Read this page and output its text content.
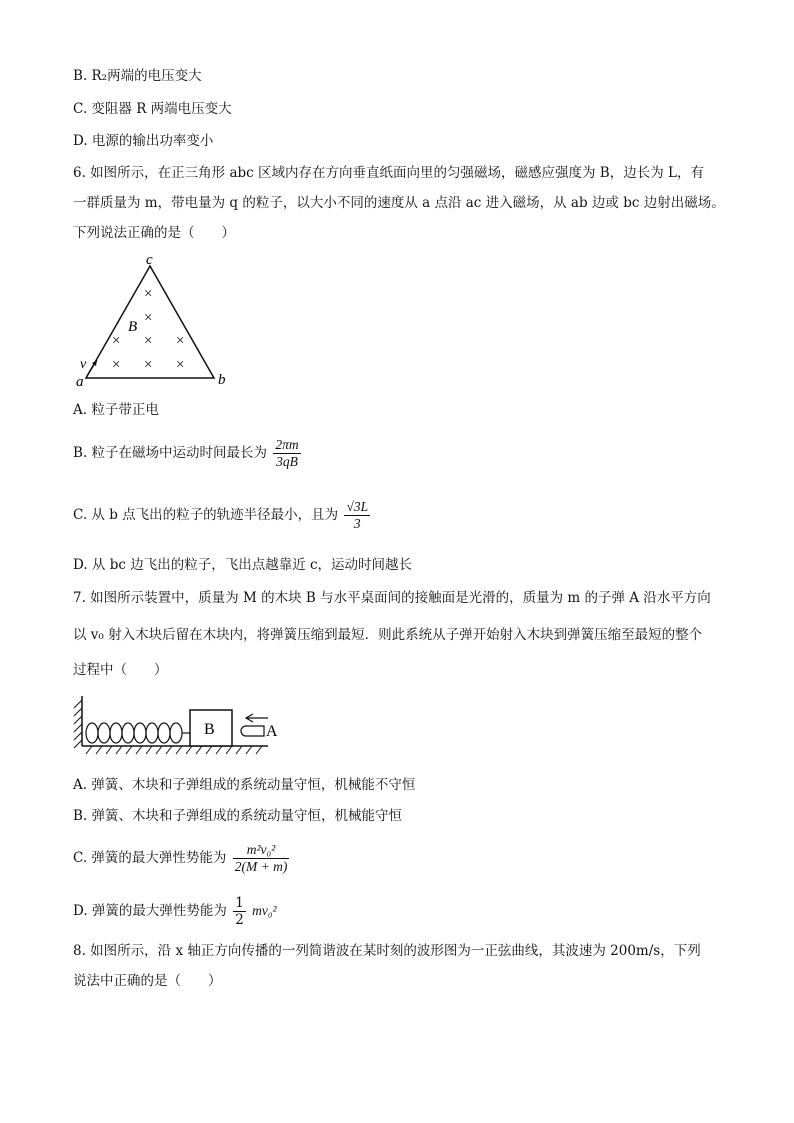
B. R₂两端的电压变大
C. 变阻器 R 两端电压变大
D. 电源的输出功率变小
6. 如图所示，在正三角形 abc 区域内存在方向垂直纸面向里的匀强磁场，磁感应强度为 B，边长为 L，有
一群质量为 m，带电量为 q 的粒子，以大小不同的速度从 a 点沿 ac 进入磁场，从 ab 边或 bc 边射出磁场。
下列说法正确的是（　　）
c
a	b
B
v
×
×
× × ×
× × ×
A. 粒子带正电
B. 粒子在磁场中运动时间最长为 $\frac{2\pi m}{3qB}$
C. 从 b 点飞出的粒子的轨迹半径最小，且为 $\frac{√3L}{3}$
D. 从 bc 边飞出的粒子，飞出点越靠近 c，运动时间越长
7. 如图所示装置中，质量为 M 的木块 B 与水平桌面间的接触面是光滑的，质量为 m 的子弹 A 沿水平方向
以 v₀ 射入木块后留在木块内，将弹簧压缩到最短．则此系统从子弹开始射入木块到弹簧压缩至最短的整个
过程中（　　）
B	A
A. 弹簧、木块和子弹组成的系统动量守恒，机械能不守恒
B. 弹簧、木块和子弹组成的系统动量守恒，机械能守恒
C. 弹簧的最大弹性势能为 $\frac{\text{m²v₀²}}{2(M + m)}$
D. 弹簧的最大弹性势能为 $\frac{1}{2} mv_0^2$
8. 如图所示，沿 x 轴正方向传播的一列简谐波在某时刻的波形图为一正弦曲线，其波速为 200m/s，下列
说法中正确的是（　　）
